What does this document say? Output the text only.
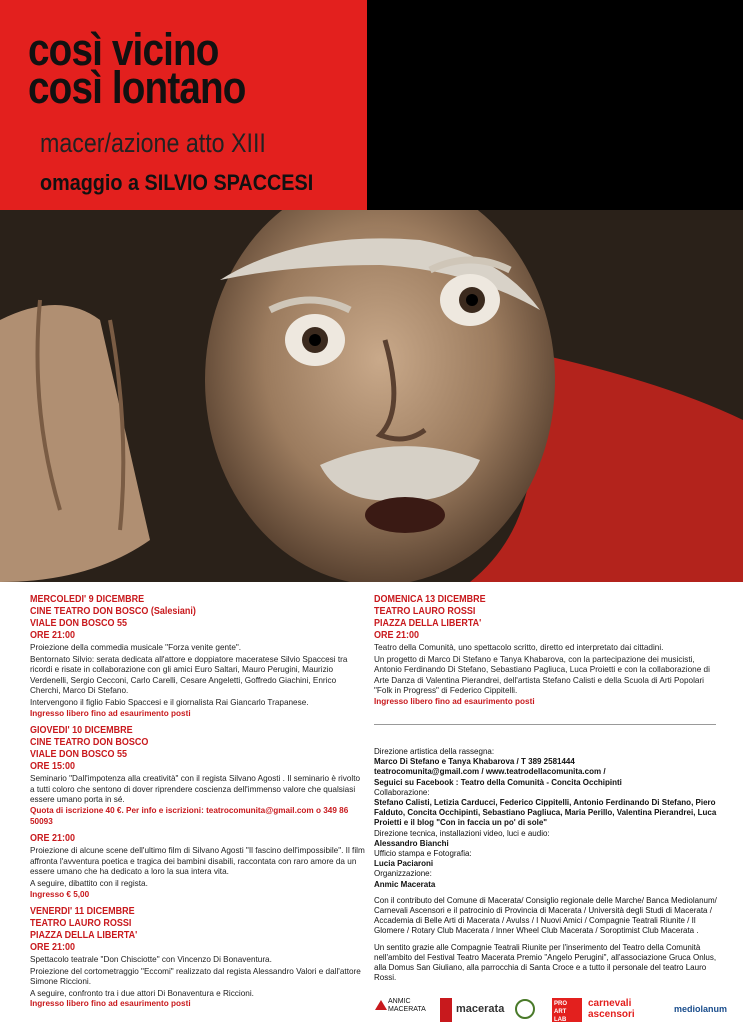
così vicino
così lontano
macer/azione atto XIII
omaggio a SILVIO SPACCESI
MERCOLEDI' 9 DICEMBRE
CINE TEATRO DON BOSCO (Salesiani)
VIALE DON BOSCO 55
ORE 21:00
Proiezione della commedia musicale "Forza venite gente".
Bentornato Silvio: serata dedicata all'attore e doppiatore maceratese Silvio Spaccesi tra ricordi e risate in collaborazione con gli amici Euro Saltari, Mauro Perugini, Maurizio Verdenelli, Sergio Cecconi, Carlo Carelli, Cesare Angeletti, Goffredo Giachini, Enrico Cherchi, Marco Di Stefano.
Intervengono il figlio Fabio Spaccesi e il giornalista Rai Giancarlo Trapanese.
Ingresso libero fino ad esaurimento posti
GIOVEDI' 10 DICEMBRE
CINE TEATRO DON BOSCO
VIALE DON BOSCO 55
ORE 15:00
Seminario "Dall'impotenza alla creatività" con il regista Silvano Agosti . Il seminario è rivolto a tutti coloro che sentono di dover riprendere coscienza dell'immenso valore che qualsiasi essere umano porta in sé.
Quota di iscrizione 40 €. Per info e iscrizioni: teatrocomunita@gmail.com o 349 86 50093
ORE 21:00
Proiezione di alcune scene dell'ultimo film di Silvano Agosti "Il fascino dell'impossibile". Il film affronta l'avventura poetica e tragica dei bambini disabili, raccontata con raro amore da un essere umano che ha dedicato a loro la sua intera vita.
A seguire, dibattito con il regista.
Ingresso € 5,00
VENERDI' 11 DICEMBRE
TEATRO LAURO ROSSI
PIAZZA DELLA LIBERTA'
ORE 21:00
Spettacolo teatrale "Don Chisciotte" con Vincenzo Di Bonaventura.
Proiezione del cortometraggio "Eccomi" realizzato dal regista Alessandro Valori e dall'attore Simone Riccioni.
A seguire, confronto tra i due attori Di Bonaventura e Riccioni.
Ingresso libero fino ad esaurimento posti
DOMENICA 13 DICEMBRE
TEATRO LAURO ROSSI
PIAZZA DELLA LIBERTA'
ORE 21:00
Teatro della Comunità, uno spettacolo scritto, diretto ed interpretato dai cittadini.
Un progetto di Marco Di Stefano e Tanya Khabarova, con la partecipazione dei musicisti, Antonio Ferdinando Di Stefano, Sebastiano Pagliuca, Luca Proietti e con la collaborazione di Arte Danza di Valentina Pierandrei, dell'artista Stefano Calisti e della Scuola di Arti Popolari "Folk in Progress" di Federico Cippitelli.
Ingresso libero fino ad esaurimento posti
Direzione artistica della rassegna:
Marco Di Stefano e Tanya Khabarova / T 389 2581444
teatrocomunita@gmail.com / www.teatrodellacomunita.com /
Seguici su Facebook : Teatro della Comunità - Concita Occhipinti
Collaborazione:
Stefano Calisti, Letizia Carducci, Federico Cippitelli, Antonio Ferdinando Di Stefano, Piero Falduto, Concita Occhipinti, Sebastiano Pagliuca, Maria Perillo, Valentina Pierandrei, Luca Proietti e il blog "Con in faccia un po' di sole"
Direzione tecnica, installazioni video, luci e audio:
Alessandro Bianchi
Ufficio stampa e Fotografia:
Lucia Paciaroni
Organizzazione:
Anmic Macerata
Con il contributo del Comune di Macerata/ Consiglio regionale delle Marche/ Banca Mediolanum/ Carnevali Ascensori e il patrocinio di Provincia di Macerata / Università degli Studi di Macerata / Accademia di Belle Arti di Macerata / Avulss / I Nuovi Amici / Compagnie Teatrali Riunite / Il Glomere / Rotary Club Macerata / Inner Wheel Club Macerata / Soroptimist Club Macerata .
Un sentito grazie alle Compagnie Teatrali Riunite per l'inserimento del Teatro della Comunità nell'ambito del Festival Teatro Macerata Premio "Angelo Perugini", all'associazione Gruca Onlus, alla Domus San Giuliano, alla parrocchia di Santa Croce e a tutto il personale del teatro Lauro Rossi.
ANMIC MACERATA	macerata	PRO ART LAB
carnevali ascensori	mediolanum
